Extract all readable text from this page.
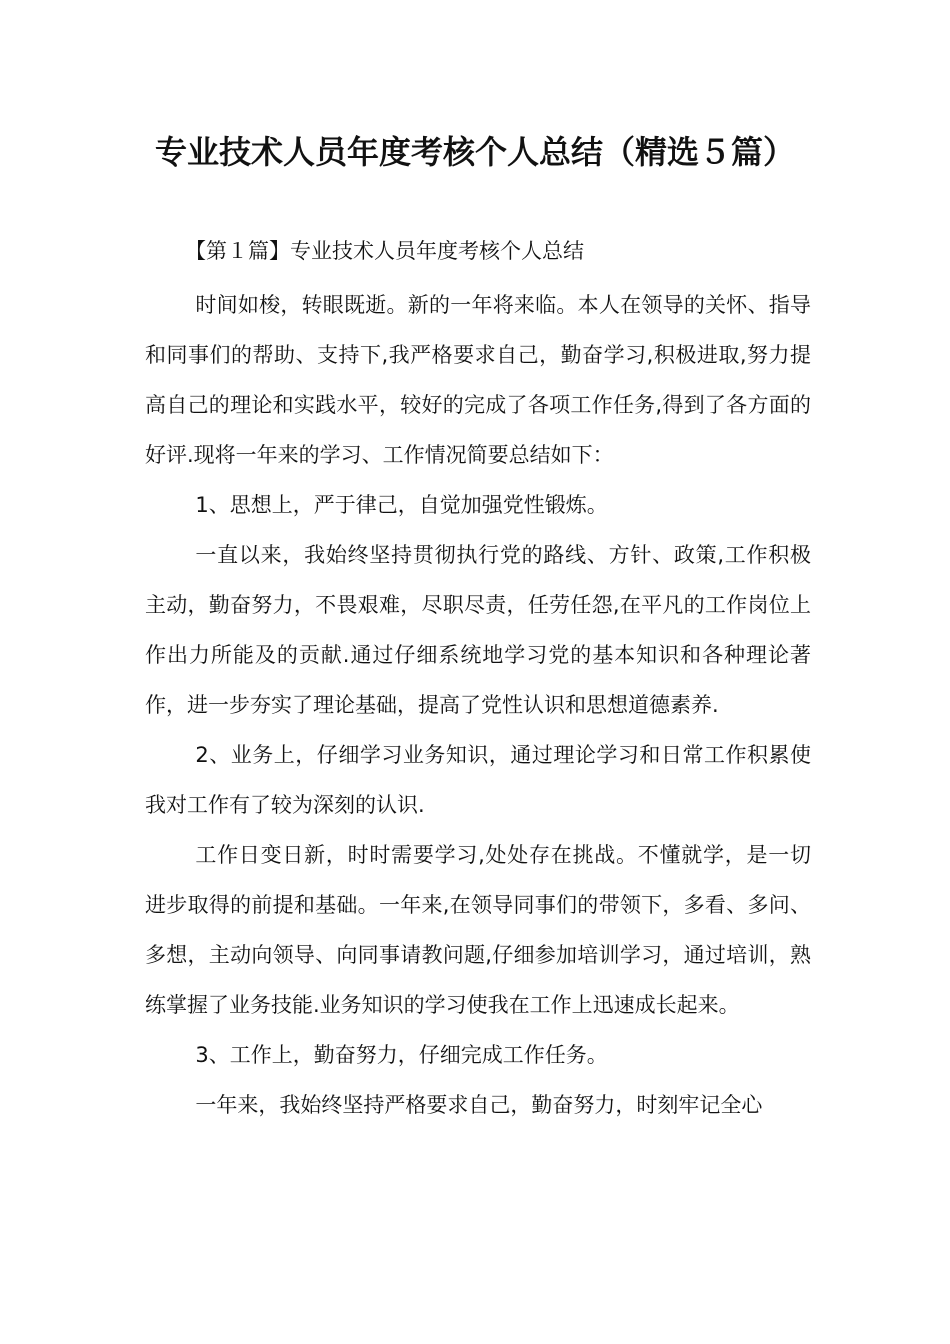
专业技术人员年度考核个人总结（精选５篇）
【第１篇】专业技术人员年度考核个人总结

时间如梭，转眼既逝。新的一年将来临。本人在领导的关怀、指导和同事们的帮助、支持下,我严格要求自己，勤奋学习,积极进取,努力提高自己的理论和实践水平，较好的完成了各项工作任务,得到了各方面的好评.现将一年来的学习、工作情况简要总结如下：

1、思想上，严于律己，自觉加强党性锻炼。

一直以来，我始终坚持贯彻执行党的路线、方针、政策,工作积极主动，勤奋努力，不畏艰难，尽职尽责，任劳任怨,在平凡的工作岗位上作出力所能及的贡献.通过仔细系统地学习党的基本知识和各种理论著作，进一步夯实了理论基础，提高了党性认识和思想道德素养.

2、业务上，仔细学习业务知识，通过理论学习和日常工作积累使我对工作有了较为深刻的认识.

工作日变日新，时时需要学习,处处存在挑战。不懂就学，是一切进步取得的前提和基础。一年来,在领导同事们的带领下，多看、多问、多想，主动向领导、向同事请教问题,仔细参加培训学习，通过培训，熟练掌握了业务技能.业务知识的学习使我在工作上迅速成长起来。

3、工作上，勤奋努力，仔细完成工作任务。

一年来，我始终坚持严格要求自己，勤奋努力，时刻牢记全心
